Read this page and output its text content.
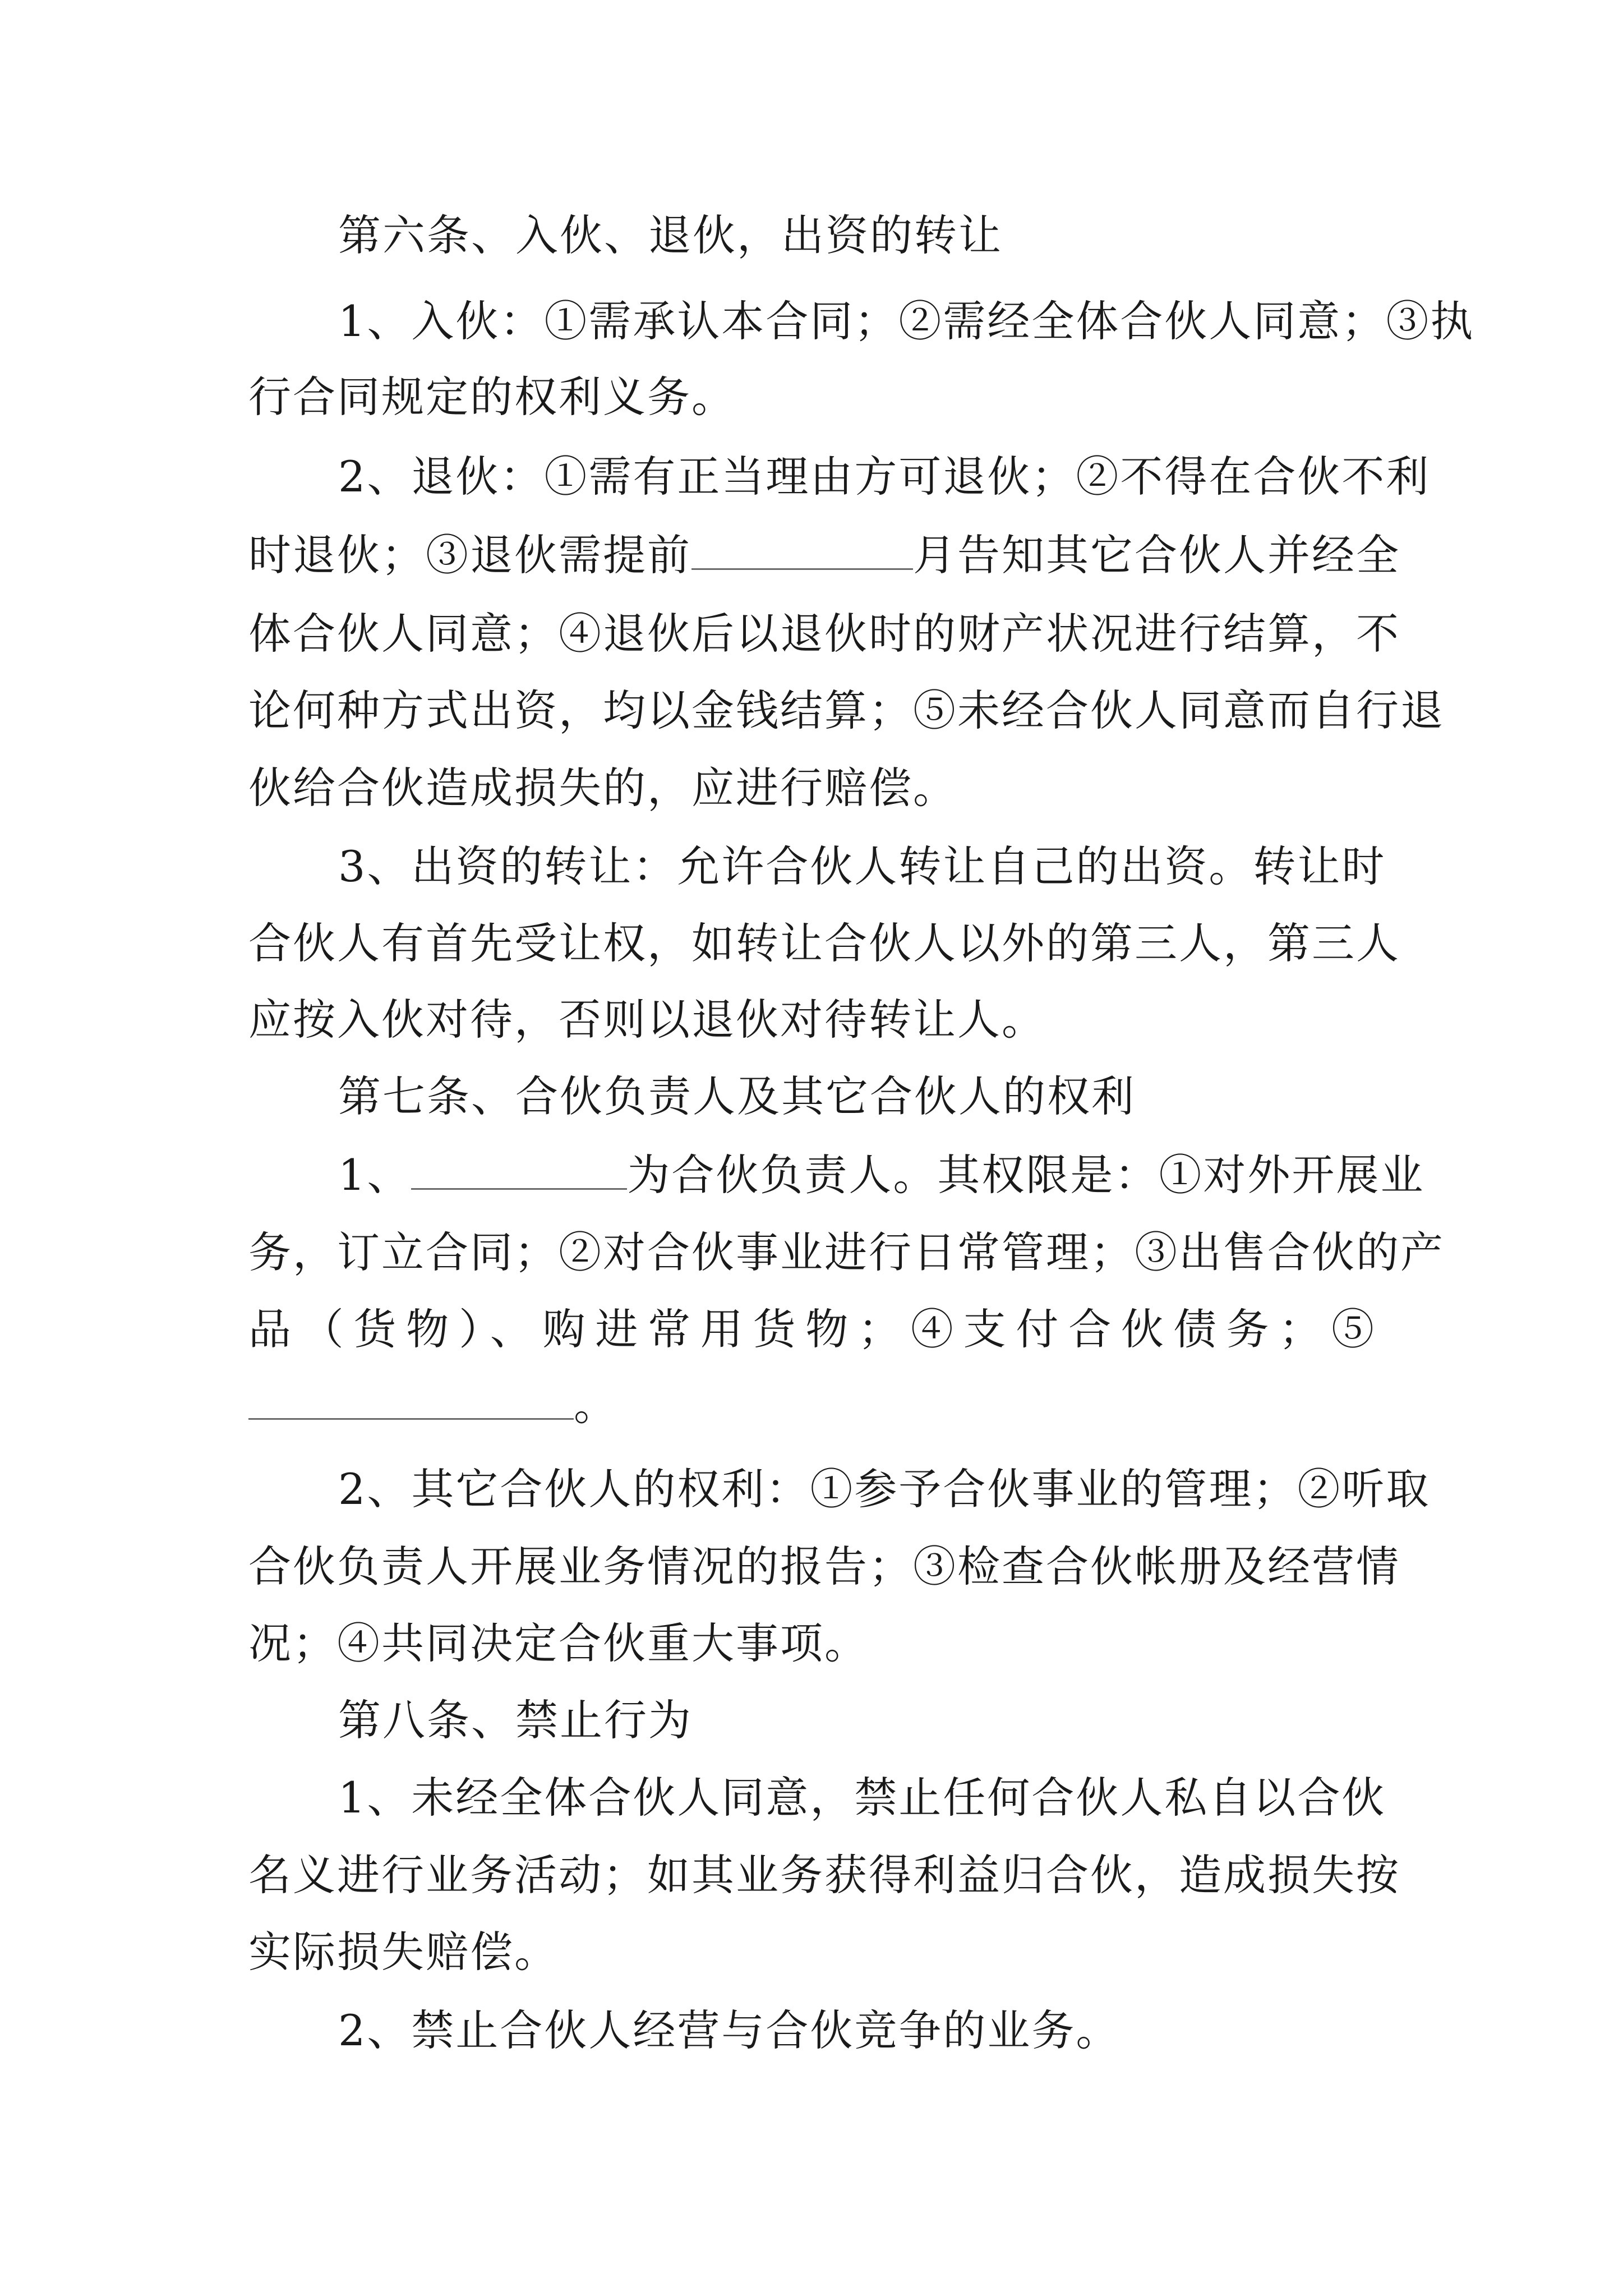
第六条、入伙、退伙，出资的转让
1、入伙：①需承认本合同；②需经全体合伙人同意；③执
行合同规定的权利义务。
2、退伙：①需有正当理由方可退伙；②不得在合伙不利
时退伙；③退伙需提前	月告知其它合伙人并经全
体合伙人同意；④退伙后以退伙时的财产状况进行结算，不
论何种方式出资，均以金钱结算；⑤未经合伙人同意而自行退
伙给合伙造成损失的，应进行赔偿。
3、出资的转让：允许合伙人转让自己的出资。转让时
合伙人有首先受让权，如转让合伙人以外的第三人，第三人
应按入伙对待，否则以退伙对待转让人。
第七条、合伙负责人及其它合伙人的权利
1、	为合伙负责人。其权限是：①对外开展业
务，订立合同；②对合伙事业进行日常管理；③出售合伙的产
品（货物）、购进常用货物；④支付合伙债务；⑤
。
2、其它合伙人的权利：①参予合伙事业的管理；②听取
合伙负责人开展业务情况的报告；③检查合伙帐册及经营情
况；④共同决定合伙重大事项。
第八条、禁止行为
1、未经全体合伙人同意，禁止任何合伙人私自以合伙
名义进行业务活动；如其业务获得利益归合伙，造成损失按
实际损失赔偿。
2、禁止合伙人经营与合伙竞争的业务。
